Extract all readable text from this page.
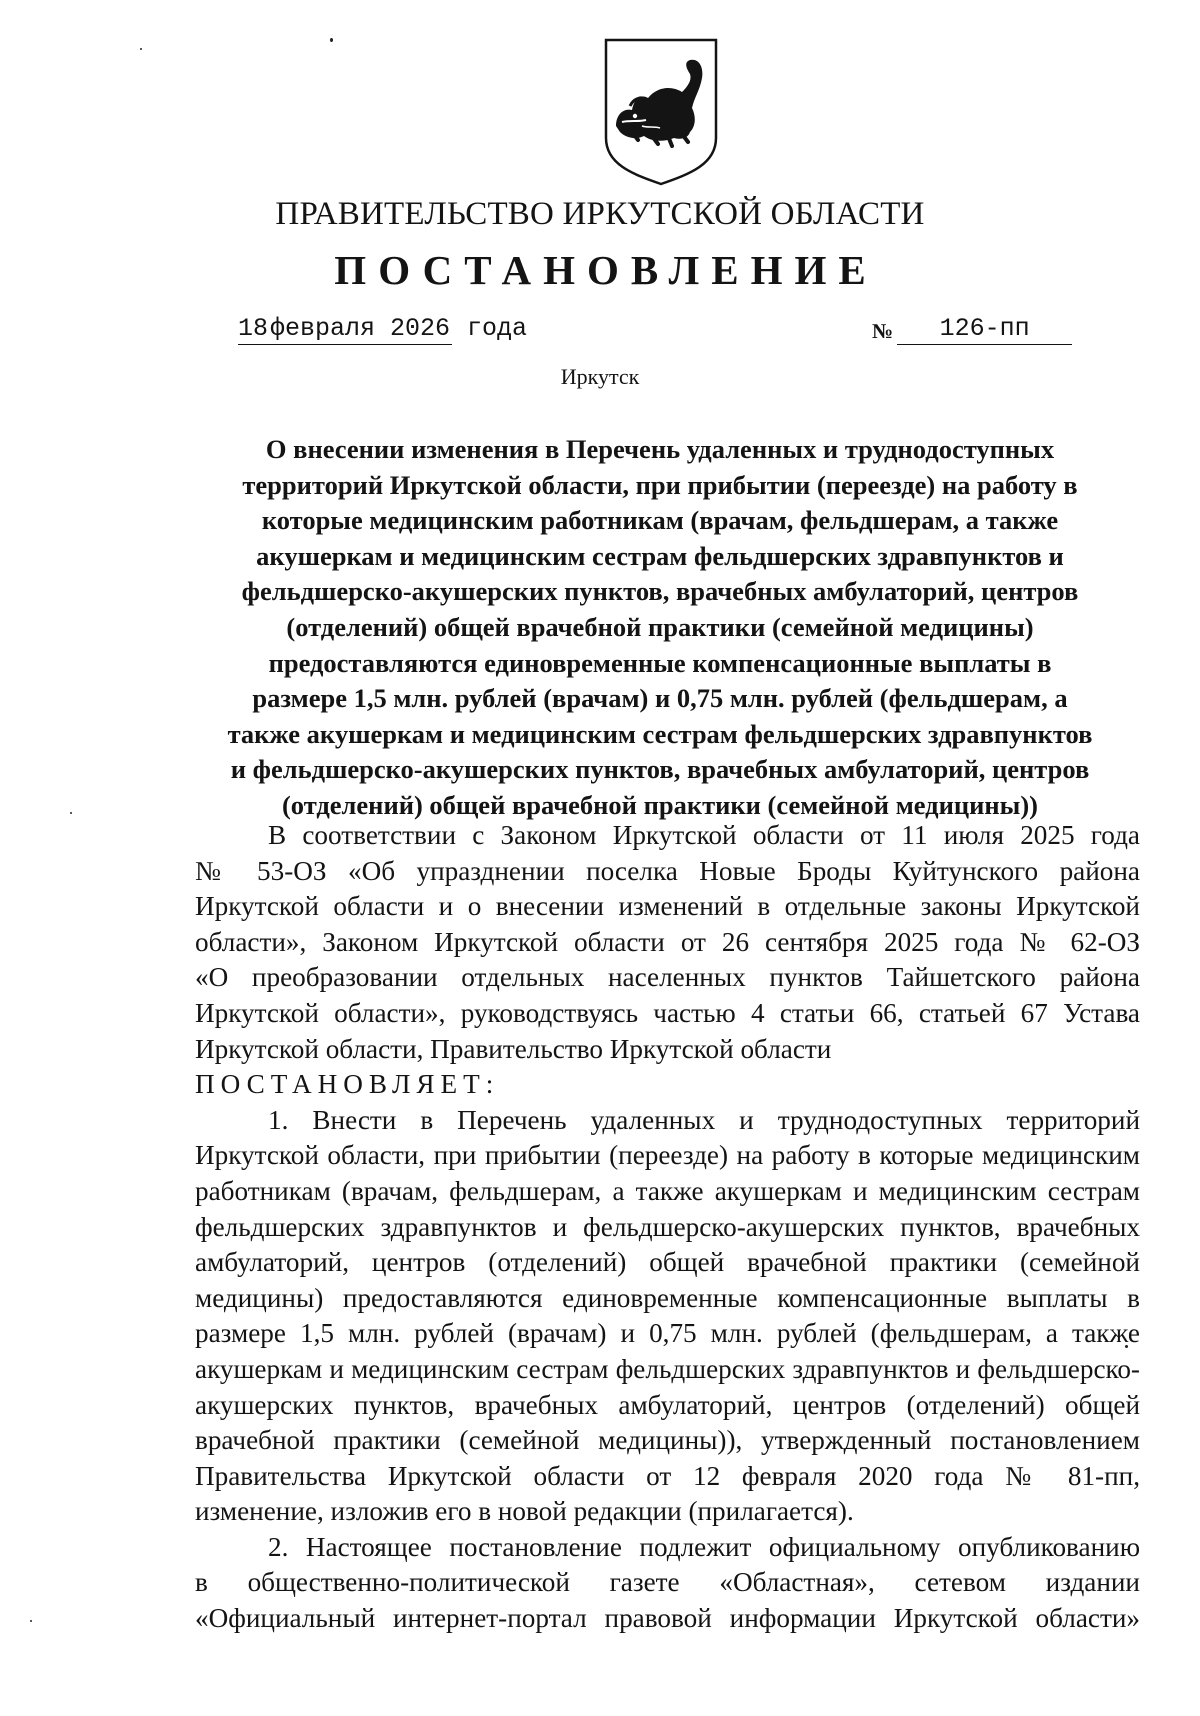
ПРАВИТЕЛЬСТВО ИРКУТСКОЙ ОБЛАСТИ
ПОСТАНОВЛЕНИЕ
18февраля 2026 года	№ 126-пп
Иркутск
О внесении изменения в Перечень удаленных и труднодоступных
территорий Иркутской области, при прибытии (переезде) на работу в
которые медицинским работникам (врачам, фельдшерам, а также
акушеркам и медицинским сестрам фельдшерских здравпунктов и
фельдшерско-акушерских пунктов, врачебных амбулаторий, центров
(отделений) общей врачебной практики (семейной медицины)
предоставляются единовременные компенсационные выплаты в
размере 1,5 млн. рублей (врачам) и 0,75 млн. рублей (фельдшерам, а
также акушеркам и медицинским сестрам фельдшерских здравпунктов
и фельдшерско-акушерских пунктов, врачебных амбулаторий, центров
(отделений) общей врачебной практики (семейной медицины))
В соответствии с Законом Иркутской области от 11 июля 2025 года
№ 53-ОЗ «Об упразднении поселка Новые Броды Куйтунского района
Иркутской области и о внесении изменений в отдельные законы Иркутской
области», Законом Иркутской области от 26 сентября 2025 года № 62-ОЗ
«О преобразовании отдельных населенных пунктов Тайшетского района
Иркутской области», руководствуясь частью 4 статьи 66, статьей 67 Устава
Иркутской области, Правительство Иркутской области
ПОСТАНОВЛЯЕТ:
1. Внести в Перечень удаленных и труднодоступных территорий
Иркутской области, при прибытии (переезде) на работу в которые медицинским
работникам (врачам, фельдшерам, а также акушеркам и медицинским сестрам
фельдшерских здравпунктов и фельдшерско-акушерских пунктов, врачебных
амбулаторий, центров (отделений) общей врачебной практики (семейной
медицины) предоставляются единовременные компенсационные выплаты в
размере 1,5 млн. рублей (врачам) и 0,75 млн. рублей (фельдшерам, а также
акушеркам и медицинским сестрам фельдшерских здравпунктов и фельдшерско-
акушерских пунктов, врачебных амбулаторий, центров (отделений) общей
врачебной практики (семейной медицины)), утвержденный постановлением
Правительства Иркутской области от 12 февраля 2020 года № 81-пп,
изменение, изложив его в новой редакции (прилагается).
2. Настоящее постановление подлежит официальному опубликованию
в общественно-политической газете «Областная», сетевом издании
«Официальный интернет-портал правовой информации Иркутской области»
